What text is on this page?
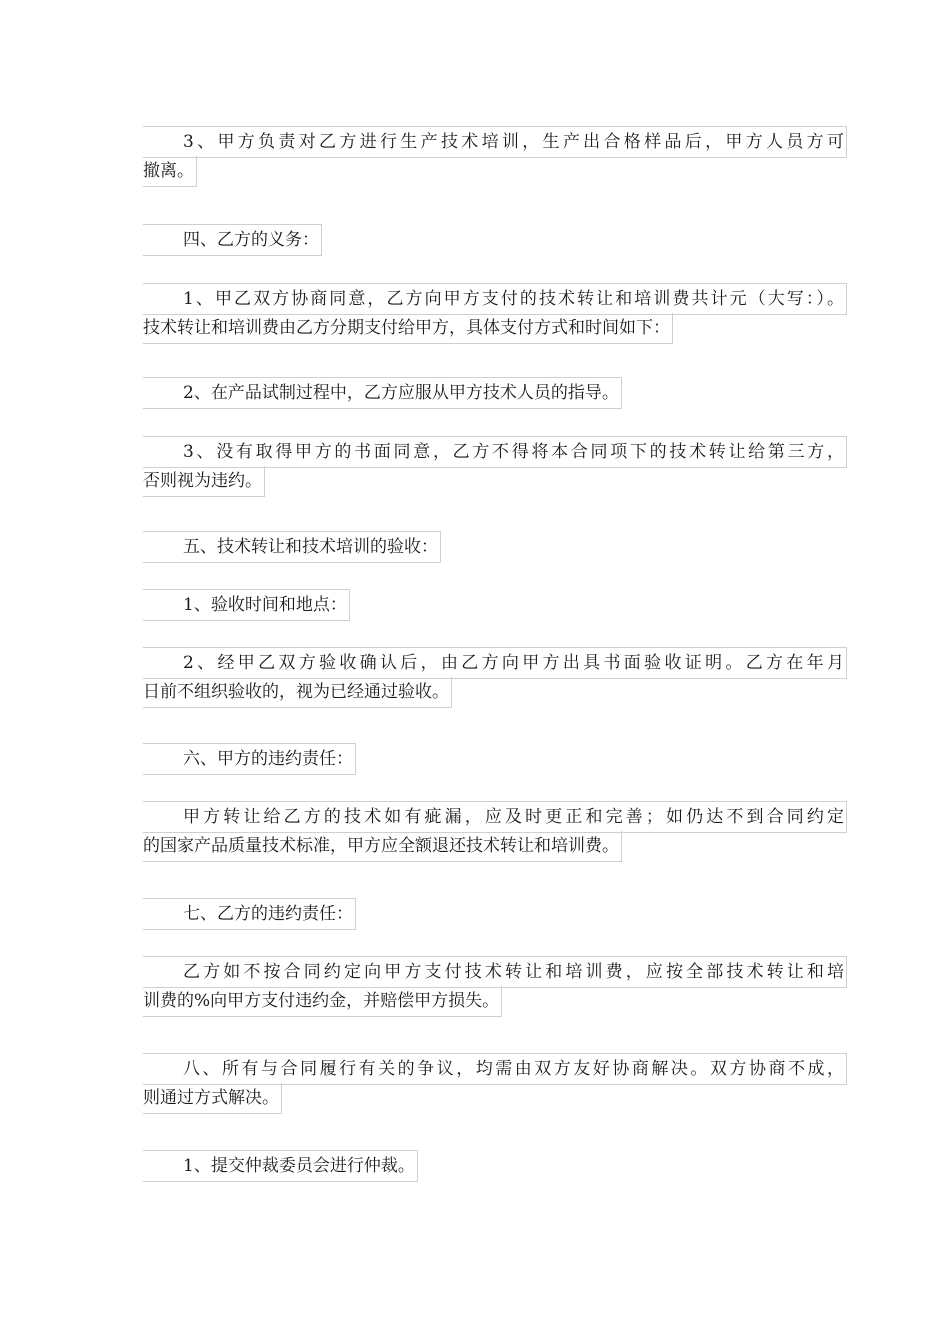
3、甲方负责对乙方进行生产技术培训，生产出合格样品后，甲方人员方可
撤离。
四、乙方的义务：
1、甲乙双方协商同意，乙方向甲方支付的技术转让和培训费共计元（大写：）。
技术转让和培训费由乙方分期支付给甲方，具体支付方式和时间如下：
2、在产品试制过程中，乙方应服从甲方技术人员的指导。
3、没有取得甲方的书面同意，乙方不得将本合同项下的技术转让给第三方，
否则视为违约。
五、技术转让和技术培训的验收：
1、验收时间和地点：
2、经甲乙双方验收确认后，由乙方向甲方出具书面验收证明。乙方在年月
日前不组织验收的，视为已经通过验收。
六、甲方的违约责任：
甲方转让给乙方的技术如有疵漏，应及时更正和完善；如仍达不到合同约定
的国家产品质量技术标准，甲方应全额退还技术转让和培训费。
七、乙方的违约责任：
乙方如不按合同约定向甲方支付技术转让和培训费，应按全部技术转让和培
训费的%向甲方支付违约金，并赔偿甲方损失。
八、所有与合同履行有关的争议，均需由双方友好协商解决。双方协商不成，
则通过方式解决。
1、提交仲裁委员会进行仲裁。
